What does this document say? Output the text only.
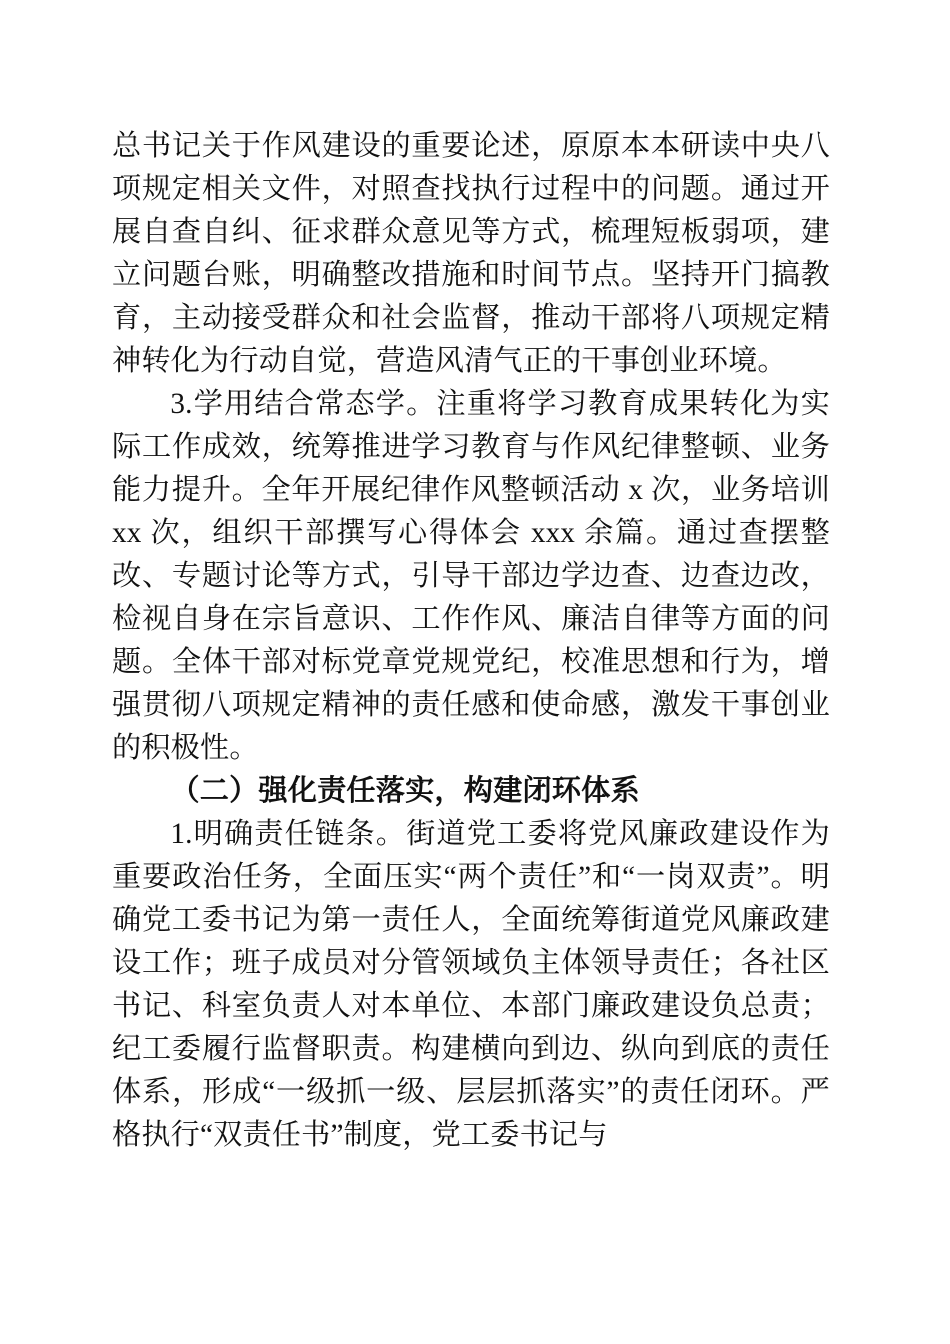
总书记关于作风建设的重要论述，原原本本研读中央八项规定相关文件，对照查找执行过程中的问题。通过开展自查自纠、征求群众意见等方式，梳理短板弱项，建立问题台账，明确整改措施和时间节点。坚持开门搞教育，主动接受群众和社会监督，推动干部将八项规定精神转化为行动自觉，营造风清气正的干事创业环境。

3.学用结合常态学。注重将学习教育成果转化为实际工作成效，统筹推进学习教育与作风纪律整顿、业务能力提升。全年开展纪律作风整顿活动 x 次，业务培训 xx 次，组织干部撰写心得体会 xxx 余篇。通过查摆整改、专题讨论等方式，引导干部边学边查、边查边改，检视自身在宗旨意识、工作作风、廉洁自律等方面的问题。全体干部对标党章党规党纪，校准思想和行为，增强贯彻八项规定精神的责任感和使命感，激发干事创业的积极性。

（二）强化责任落实，构建闭环体系

1.明确责任链条。街道党工委将党风廉政建设作为重要政治任务，全面压实“两个责任”和“一岗双责”。明确党工委书记为第一责任人，全面统筹街道党风廉政建设工作；班子成员对分管领域负主体领导责任；各社区书记、科室负责人对本单位、本部门廉政建设负总责；纪工委履行监督职责。构建横向到边、纵向到底的责任体系，形成“一级抓一级、层层抓落实”的责任闭环。严格执行“双责任书”制度，党工委书记与
